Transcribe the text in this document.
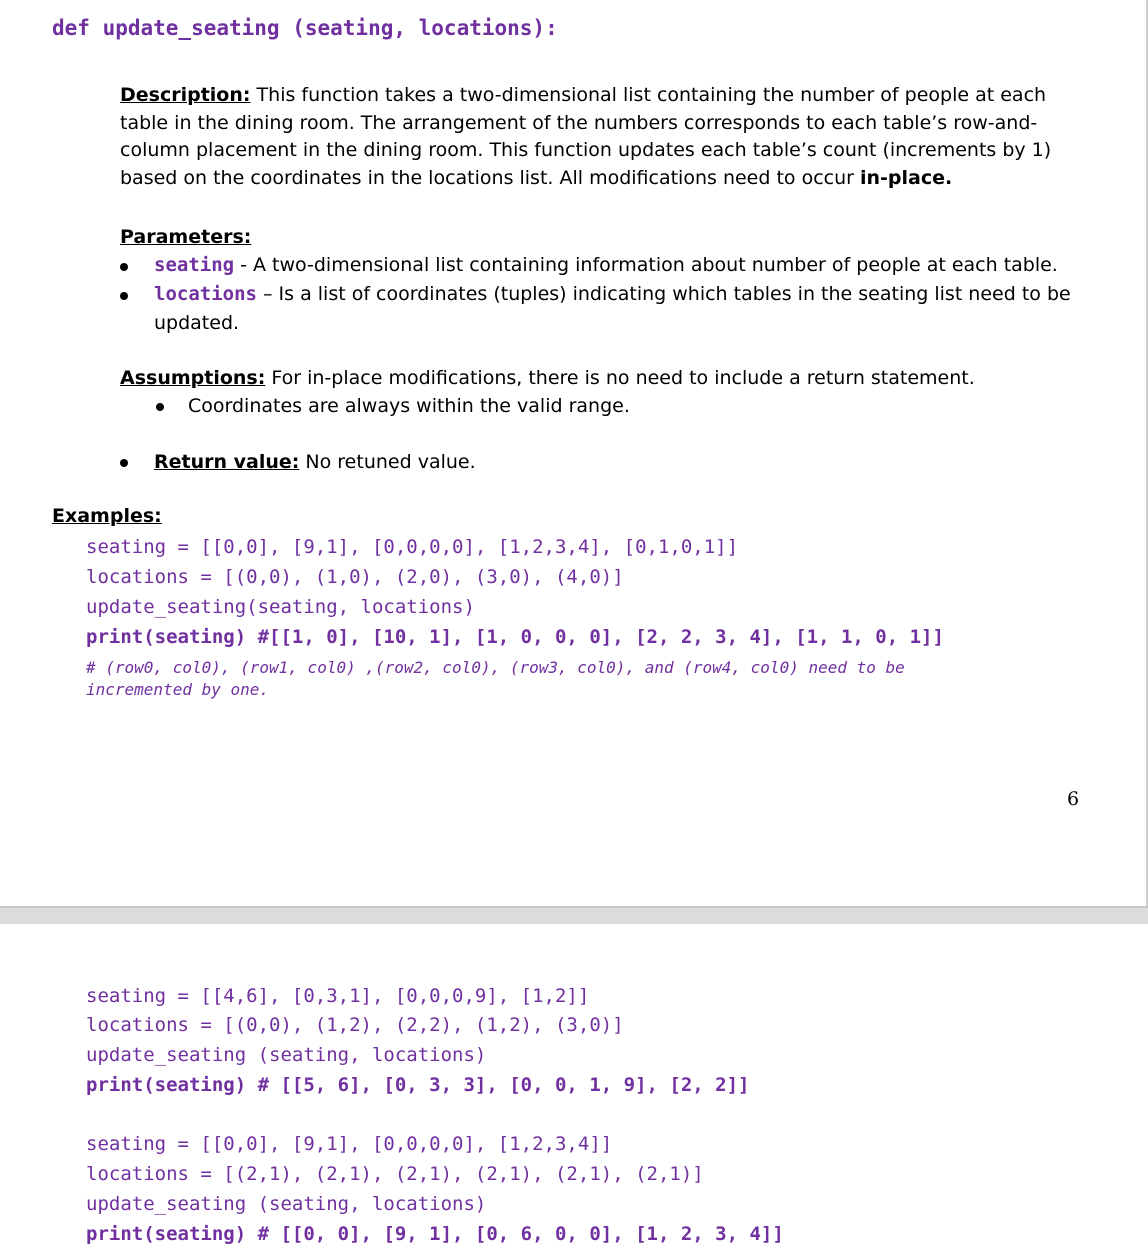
def update_seating (seating, locations):
Description: This function takes a two-dimensional list containing the number of people at each table in the dining room. The arrangement of the numbers corresponds to each table’s row-and-column placement in the dining room. This function updates each table’s count (increments by 1) based on the coordinates in the locations list. All modifications need to occur in-place.
Parameters:
seating - A two-dimensional list containing information about number of people at each table.
locations – Is a list of coordinates (tuples) indicating which tables in the seating list need to be
updated.
Assumptions: For in-place modifications, there is no need to include a return statement.
Coordinates are always within the valid range.
Return value: No retuned value.
Examples:
seating = [[0,0], [9,1], [0,0,0,0], [1,2,3,4], [0,1,0,1]]
locations = [(0,0), (1,0), (2,0), (3,0), (4,0)]
update_seating(seating, locations)
print(seating) #[[1, 0], [10, 1], [1, 0, 0, 0], [2, 2, 3, 4], [1, 1, 0, 1]]
# (row0, col0), (row1, col0) ,(row2, col0), (row3, col0), and (row4, col0) need to be
incremented by one.
6
seating = [[4,6], [0,3,1], [0,0,0,9], [1,2]]
locations = [(0,0), (1,2), (2,2), (1,2), (3,0)]
update_seating (seating, locations)
print(seating) # [[5, 6], [0, 3, 3], [0, 0, 1, 9], [2, 2]]
seating = [[0,0], [9,1], [0,0,0,0], [1,2,3,4]]
locations = [(2,1), (2,1), (2,1), (2,1), (2,1), (2,1)]
update_seating (seating, locations)
print(seating) # [[0, 0], [9, 1], [0, 6, 0, 0], [1, 2, 3, 4]]
